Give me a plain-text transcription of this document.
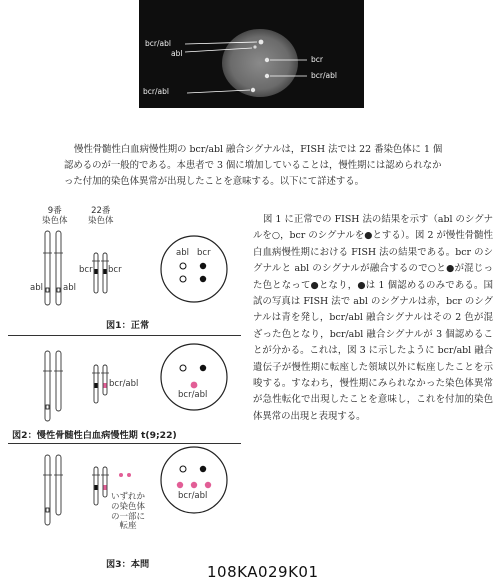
bcr/abl
abl
bcr
bcr/abl
bcr/abl
慢性骨髄性白血病慢性期の bcr/abl 融合シグナルは，FISH 法では 22 番染色体に 1 個認めるのが一般的である。本患者で 3 個に増加していることは，慢性期には認められなかった付加的染色体異常が出現したことを意味する。以下にて詳述する。
図 1 に正常での FISH 法の結果を示す（abl のシグナルを○，bcr のシグナルを●とする）。図 2 が慢性骨髄性白血病慢性期における FISH 法の結果である。bcr のシグナルと abl のシグナルが融合するので○と●が混じった色となって●となり，●は 1 個認めるのみである。国試の写真は FISH 法で abl のシグナルは赤，bcr のシグナルは青を発し，bcr/abl 融合シグナルはその 2 色が混ざった色となり，bcr/abl 融合シグナルが 3 個認めることが分かる。これは，図 3 に示したように bcr/abl 融合遺伝子が慢性期に転座した領域以外に転座したことを示唆する。すなわち，慢性期にみられなかった染色体異常が急性転化で出現したことを意味し，これを付加的染色体異常の出現と表現する。
9番
染色体
22番
染色体
abl abl
bcr bcr
abl bcr
図1：正常
bcr/abl
bcr/abl
図2：慢性骨髄性白血病慢性期 t(9;22)
いずれか
の染色体
の一部に
転座
bcr/abl
図3：本問	108KA029K01
